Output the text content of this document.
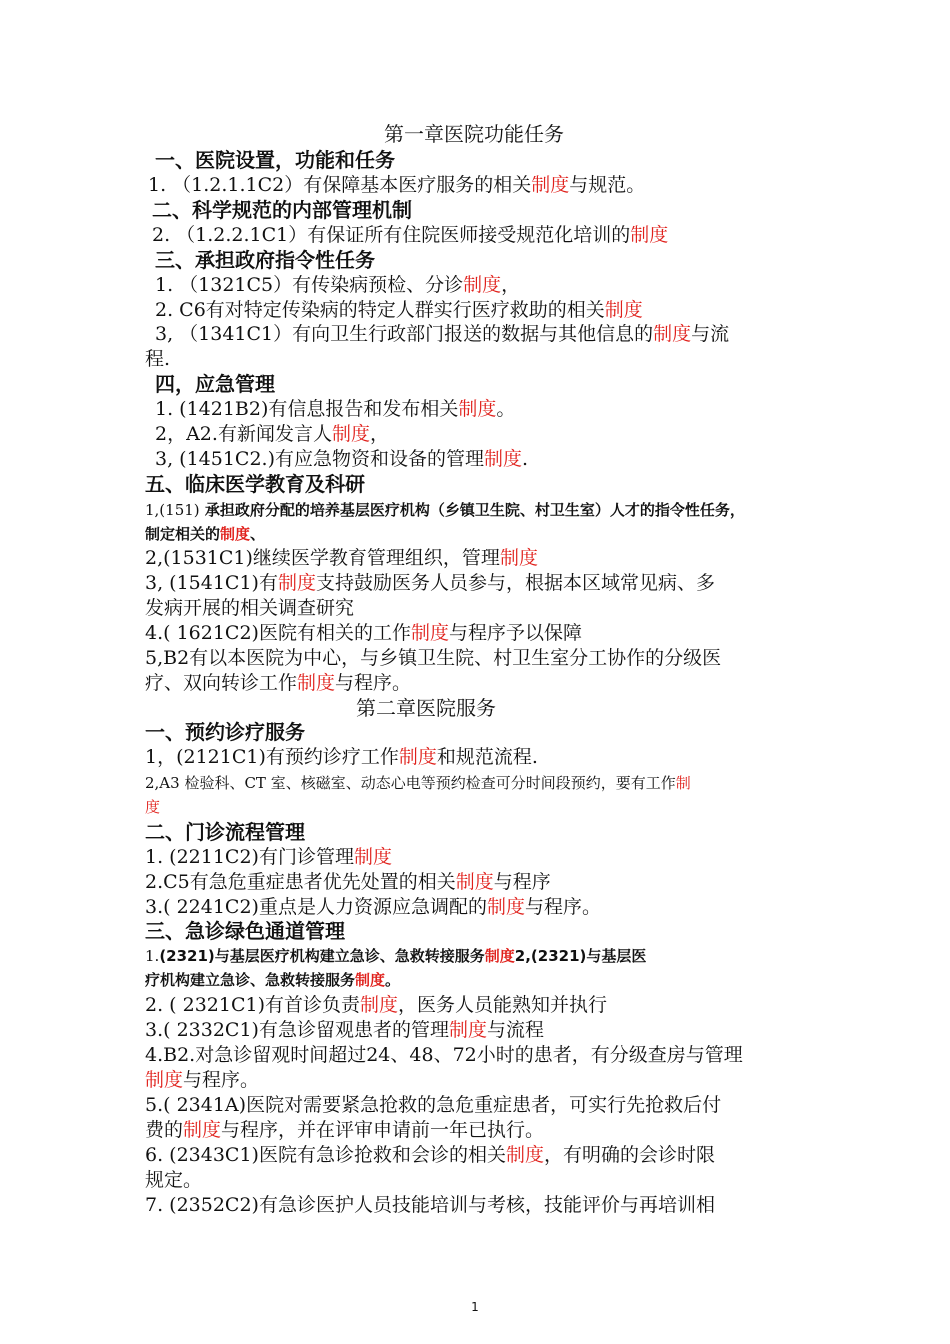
第一章医院功能任务
一、医院设置，功能和任务
1. （1.2.1.1C2）有保障基本医疗服务的相关制度与规范。
二、科学规范的内部管理机制
2. （1.2.2.1C1）有保证所有住院医师接受规范化培训的制度
三、承担政府指令性任务
1. （1321C5）有传染病预检、分诊制度，
2. C6有对特定传染病的特定人群实行医疗救助的相关制度
3, （1341C1）有向卫生行政部门报送的数据与其他信息的制度与流
程.
四，应急管理
1. (1421B2)有信息报告和发布相关制度。
2，A2.有新闻发言人制度，
3, (1451C2.)有应急物资和设备的管理制度.
五、临床医学教育及科研
1,(151) 承担政府分配的培养基层医疗机构（乡镇卫生院、村卫生室）人才的指令性任务，
制定相关的制度、
2,(1531C1)继续医学教育管理组织，管理制度
3, (1541C1)有制度支持鼓励医务人员参与，根据本区域常见病、多
发病开展的相关调查研究
4.( 1621C2)医院有相关的工作制度与程序予以保障
5,B2有以本医院为中心，与乡镇卫生院、村卫生室分工协作的分级医
疗、双向转诊工作制度与程序。
第二章医院服务
一、预约诊疗服务
1，(2121C1)有预约诊疗工作制度和规范流程.
2,A3 检验科、CT 室、核磁室、动态心电等预约检查可分时间段预约，要有工作制
度
二、门诊流程管理
1. (2211C2)有门诊管理制度
2.C5有急危重症患者优先处置的相关制度与程序
3.( 2241C2)重点是人力资源应急调配的制度与程序。
三、急诊绿色通道管理
1.(2321)与基层医疗机构建立急诊、急救转接服务制度2,(2321)与基层医
疗机构建立急诊、急救转接服务制度。
2. ( 2321C1)有首诊负责制度，医务人员能熟知并执行
3.( 2332C1)有急诊留观患者的管理制度与流程
4.B2.对急诊留观时间超过24、48、72小时的患者，有分级查房与管理
制度与程序。
5.( 2341A)医院对需要紧急抢救的急危重症患者，可实行先抢救后付
费的制度与程序，并在评审申请前一年已执行。
6. (2343C1)医院有急诊抢救和会诊的相关制度，有明确的会诊时限
规定。
7. (2352C2)有急诊医护人员技能培训与考核，技能评价与再培训相
1
